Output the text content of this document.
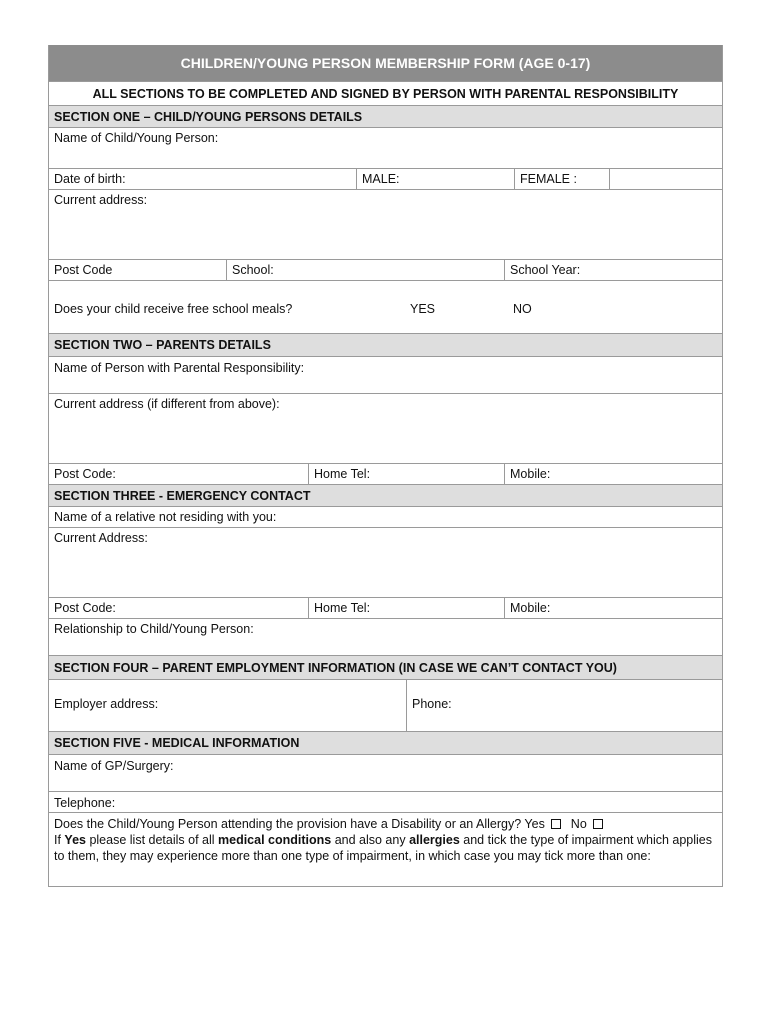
CHILDREN/YOUNG PERSON MEMBERSHIP FORM (AGE 0-17)
ALL SECTIONS TO BE COMPLETED AND SIGNED BY PERSON WITH PARENTAL RESPONSIBILITY
SECTION ONE – CHILD/YOUNG PERSONS DETAILS
Name of Child/Young Person:
Date of birth:	MALE:	FEMALE :
Current address:
Post Code	School:	School Year:
Does your child receive free school meals?	YES	NO
SECTION TWO – PARENTS DETAILS
Name of Person with Parental Responsibility:
Current address (if different from above):
Post Code:	Home Tel:	Mobile:
SECTION THREE - EMERGENCY CONTACT
Name of a relative not residing with you:
Current Address:
Post Code:	Home Tel:	Mobile:
Relationship to Child/Young Person:
SECTION FOUR – PARENT EMPLOYMENT INFORMATION (IN CASE WE CAN’T CONTACT YOU)
Employer address:	Phone:
SECTION FIVE - MEDICAL INFORMATION
Name of GP/Surgery:
Telephone:
Does the Child/Young Person attending the provision have a Disability or an Allergy? Yes No
If Yes please list details of all medical conditions and also any allergies and tick the type of impairment which applies to them, they may experience more than one type of impairment, in which case you may tick more than one:
